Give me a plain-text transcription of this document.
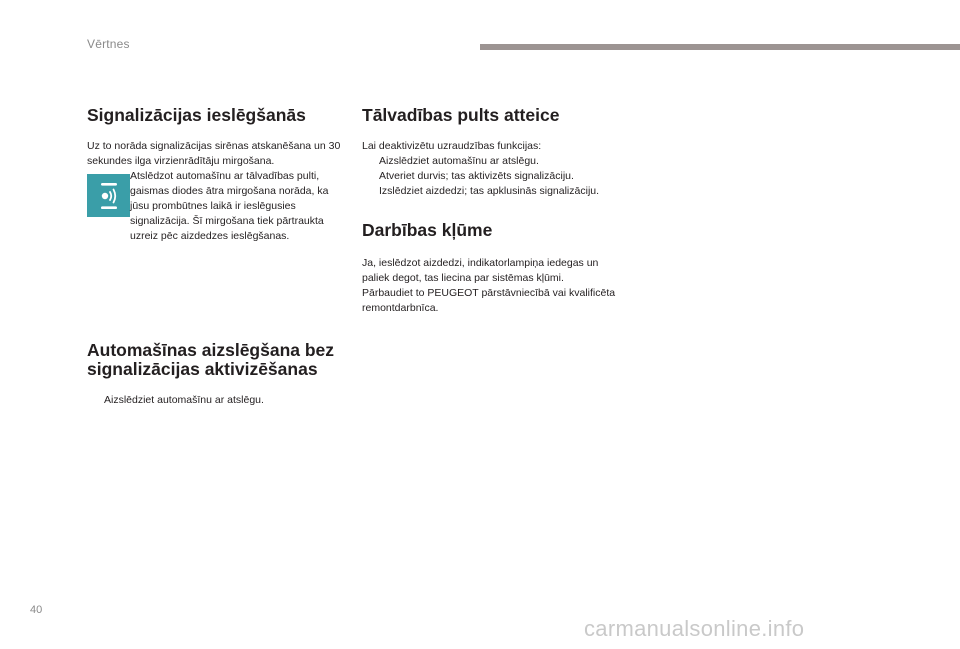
Vērtnes
Signalizācijas ieslēgšanās

Uz to norāda signalizācijas sirēnas atskanēšana un 30 sekundes ilga virzienrādītāju mirgošana.

Atslēdzot automašīnu ar tālvadības pulti, gaismas diodes ātra mirgošana norāda, ka jūsu prombūtnes laikā ir ieslēgusies signalizācija. Šī mirgošana tiek pārtraukta uzreiz pēc aizdedzes ieslēgšanas.

Automašīnas aizslēgšana bez signalizācijas aktivizēšanas
Aizslēdziet automašīnu ar atslēgu.
Tālvadības pults atteice

Lai deaktivizētu uzraudzības funkcijas:

Aizslēdziet automašīnu ar atslēgu.
Atveriet durvis; tas aktivizēts signalizāciju.
Izslēdziet aizdedzi; tas apklusinās signalizāciju.
Darbības kļūme

Ja, ieslēdzot aizdedzi, indikatorlampiņa iedegas un paliek degot, tas liecina par sistēmas kļūmi.

Pārbaudiet to PEUGEOT pārstāvniecībā vai kvalificēta remontdarbnīca.

40
carmanualsonline.info
